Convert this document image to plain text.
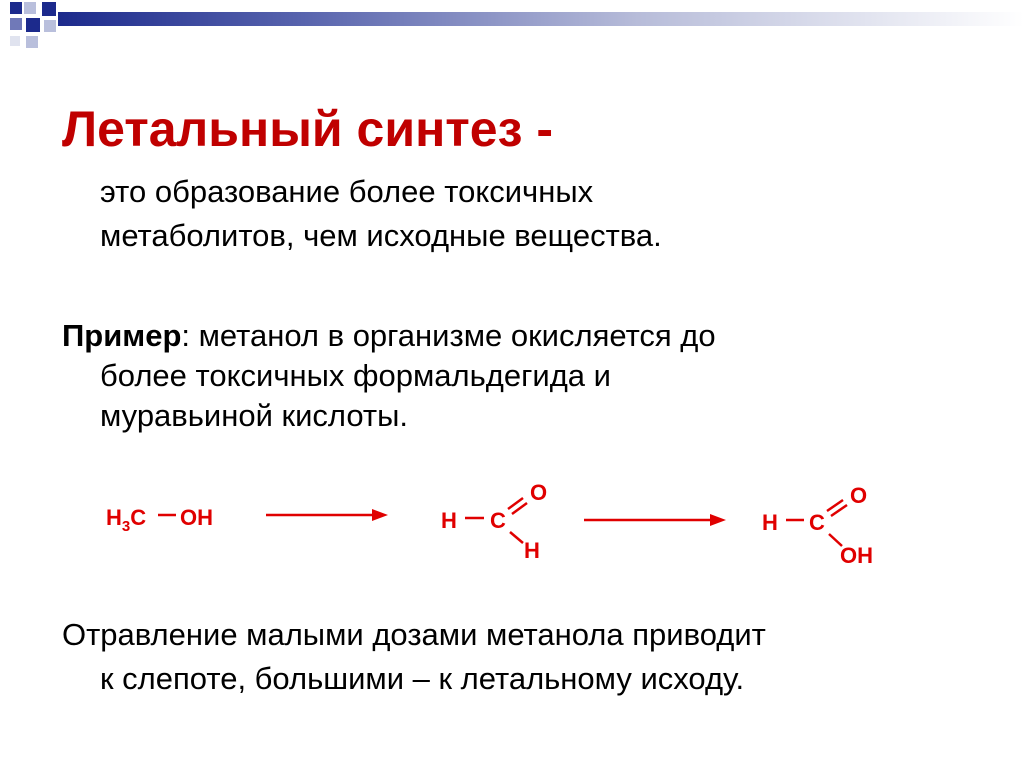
Летальный синтез -
это образование более токсичных
метаболитов, чем исходные вещества.

Пример: метанол в организме окисляется до
более токсичных формальдегида и
муравьиной кислоты.

$H_3C$ OH	H C
O
H
H C
O
OH

Отравление малыми дозами метанола приводит
к слепоте, большими – к летальному исходу.
